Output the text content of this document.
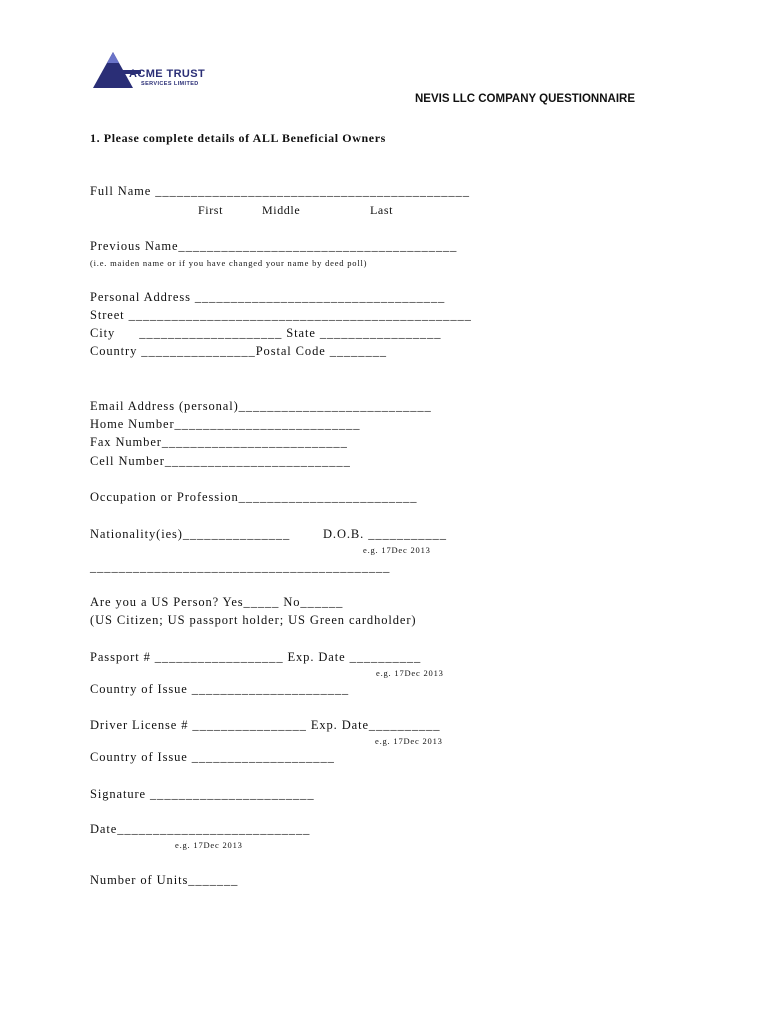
ACME TRUST

SERVICES LIMITED

NEVIS LLC COMPANY QUESTIONNAIRE
1. Please complete details of ALL Beneficial Owners
Full Name ____________________________________________
First	Middle	Last
Previous Name_______________________________________
(i.e. maiden name or if you have changed your name by deed poll)
Personal Address ___________________________________
Street ________________________________________________
City      ____________________ State _________________
Country ________________Postal Code ________
Email Address (personal)___________________________
Home Number__________________________
Fax Number__________________________
Cell Number__________________________
Occupation or Profession_________________________
Nationality(ies)_______________	D.O.B. ___________
e.g. 17Dec 2013
__________________________________________
Are you a US Person? Yes_____ No______
(US Citizen; US passport holder; US Green cardholder)
Passport # __________________ Exp. Date __________
e.g. 17Dec 2013
Country of Issue ______________________
Driver License # ________________ Exp. Date__________
e.g. 17Dec 2013
Country of Issue ____________________
Signature _______________________
Date___________________________
e.g. 17Dec 2013
Number of Units_______
